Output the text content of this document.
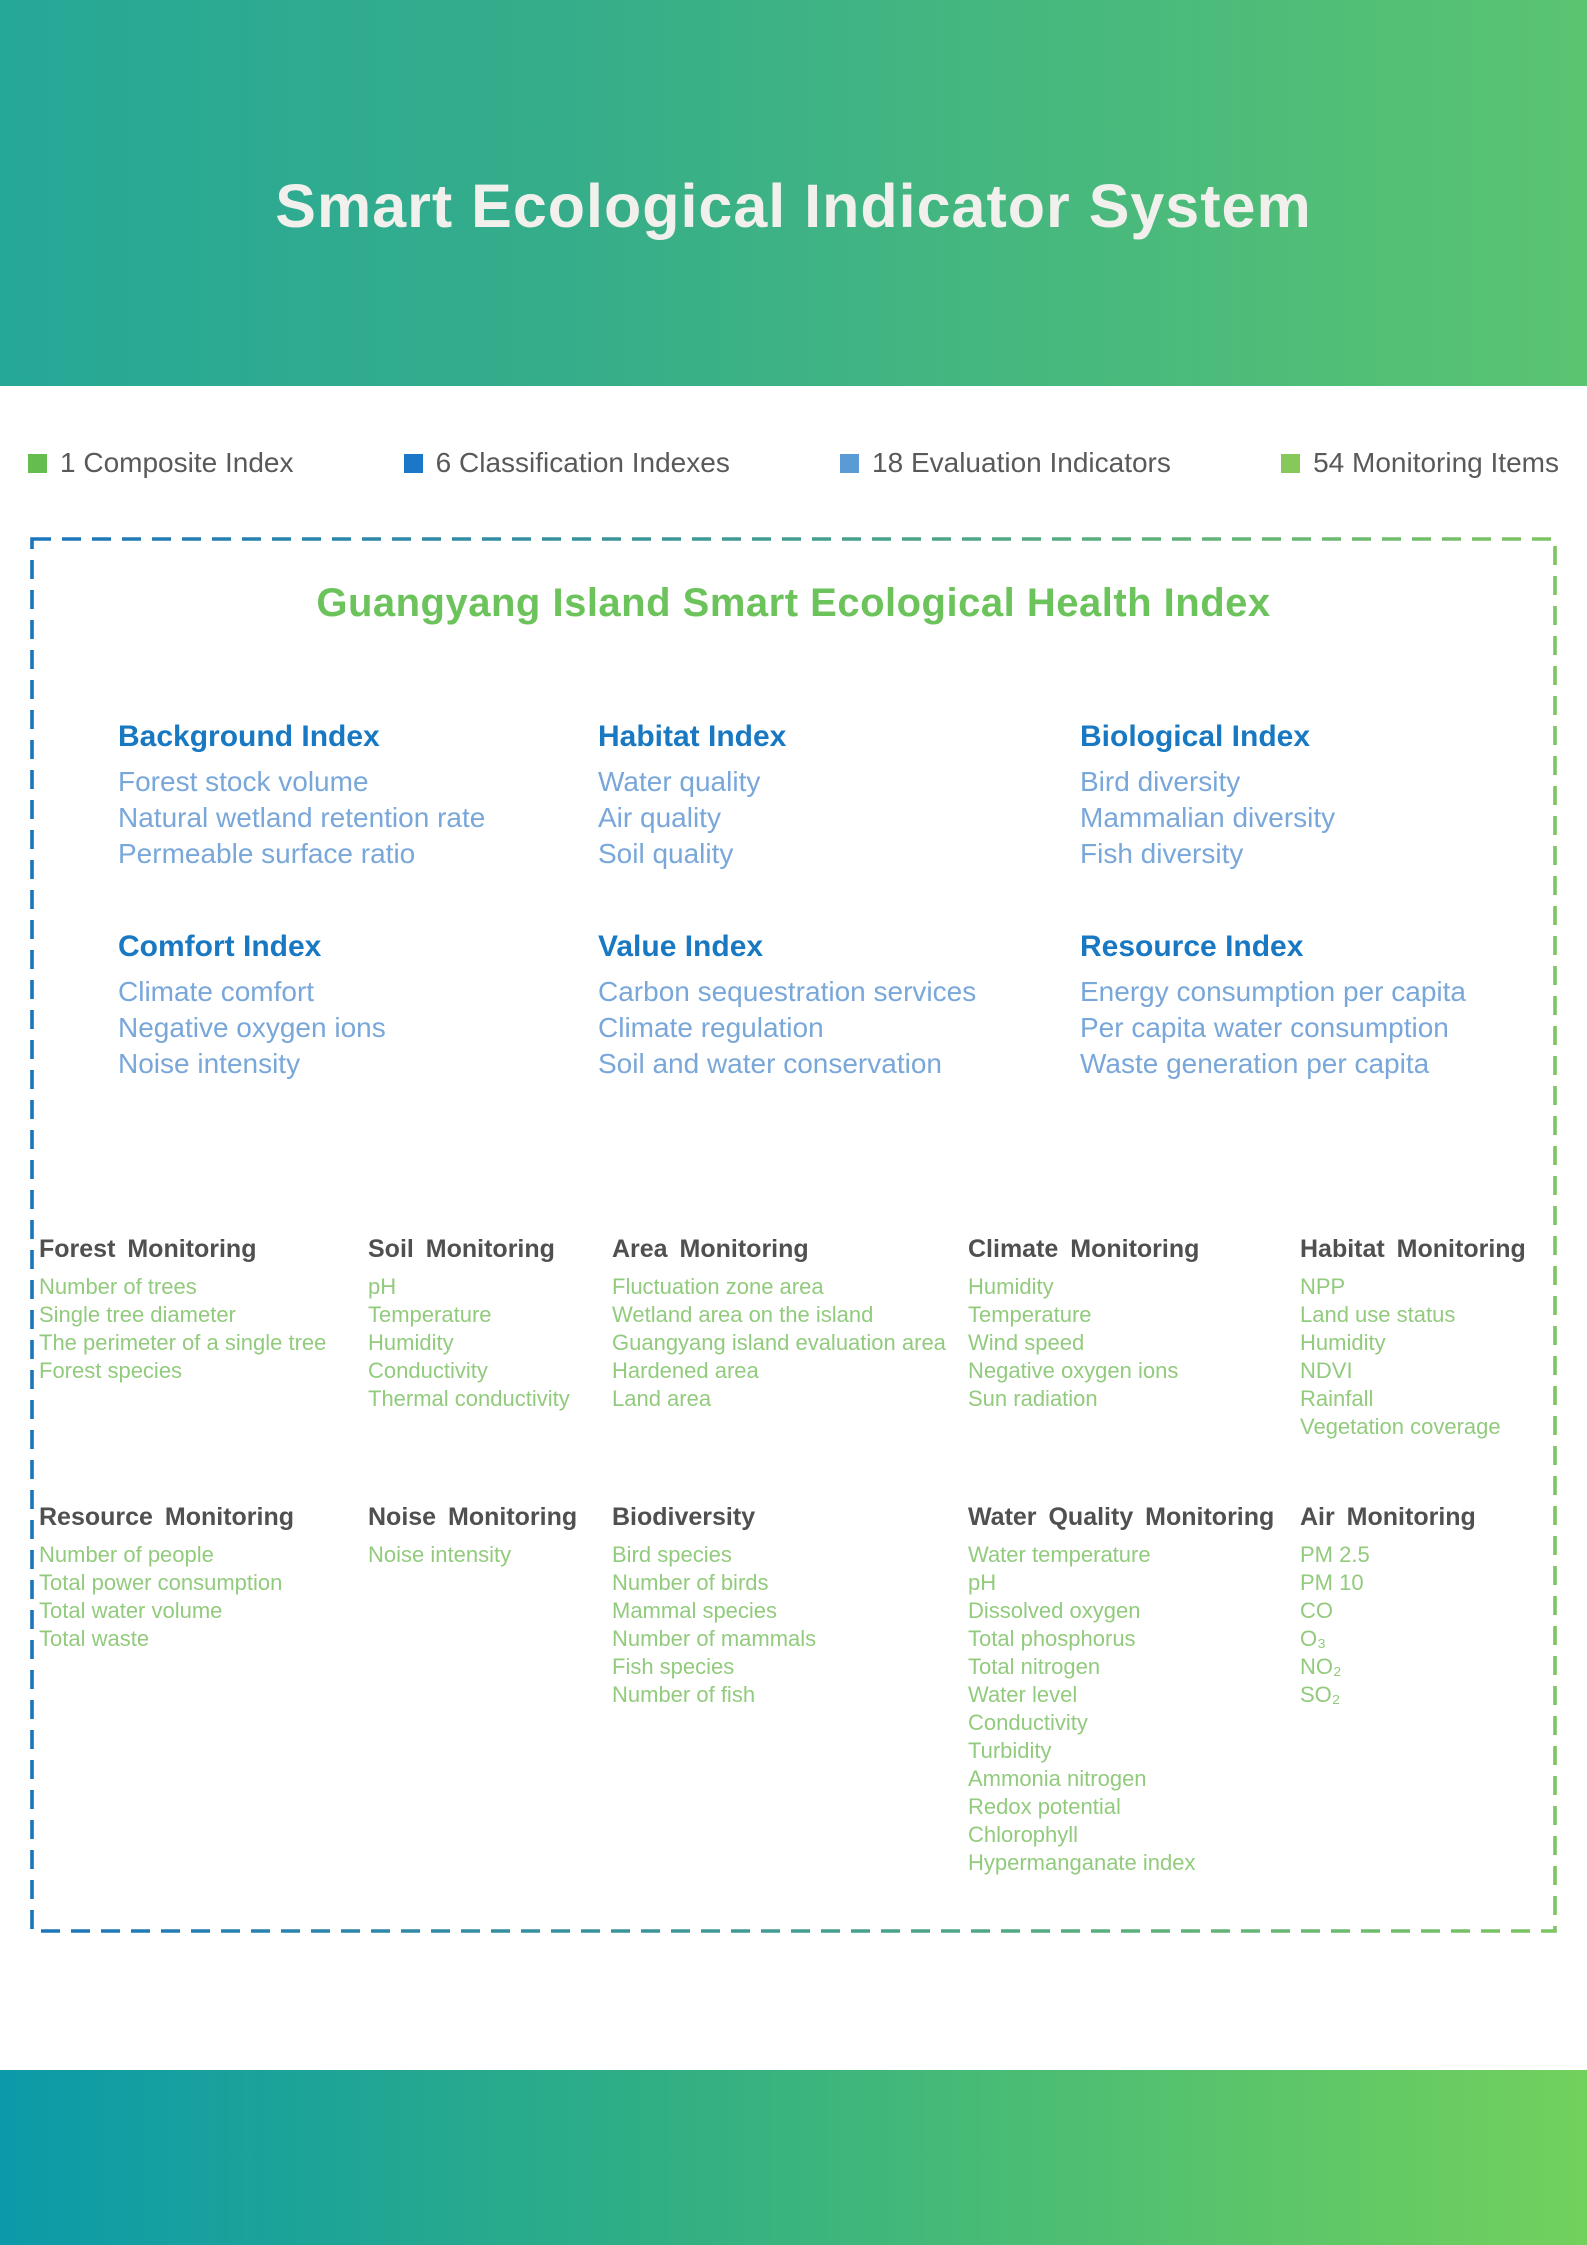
Smart Ecological Indicator System
1 Composite Index	6 Classification Indexes	18 Evaluation Indicators	54 Monitoring Items
Guangyang Island Smart Ecological Health Index
Background Index
Forest stock volume
Natural wetland retention rate
Permeable surface ratio
Habitat Index
Water quality
Air quality
Soil quality
Biological Index
Bird diversity
Mammalian diversity
Fish diversity
Comfort Index
Climate comfort
Negative oxygen ions
Noise intensity
Value Index
Carbon sequestration services
Climate regulation
Soil and water conservation
Resource Index
Energy consumption per capita
Per capita water consumption
Waste generation per capita
Forest Monitoring
Number of trees
Single tree diameter
The perimeter of a single tree
Forest species
Soil Monitoring
pH
Temperature
Humidity
Conductivity
Thermal conductivity
Area Monitoring
Fluctuation zone area
Wetland area on the island
Guangyang island evaluation area
Hardened area
Land area
Climate Monitoring
Humidity
Temperature
Wind speed
Negative oxygen ions
Sun radiation
Habitat Monitoring
NPP
Land use status
Humidity
NDVI
Rainfall
Vegetation coverage
Resource Monitoring
Number of people
Total power consumption
Total water volume
Total waste
Noise Monitoring
Noise intensity
Biodiversity
Bird species
Number of birds
Mammal species
Number of mammals
Fish species
Number of fish
Water Quality Monitoring
Water temperature
pH
Dissolved oxygen
Total phosphorus
Total nitrogen
Water level
Conductivity
Turbidity
Ammonia nitrogen
Redox potential
Chlorophyll
Hypermanganate index
Air Monitoring
PM 2.5
PM 10
CO
O₃
NO₂
SO₂
